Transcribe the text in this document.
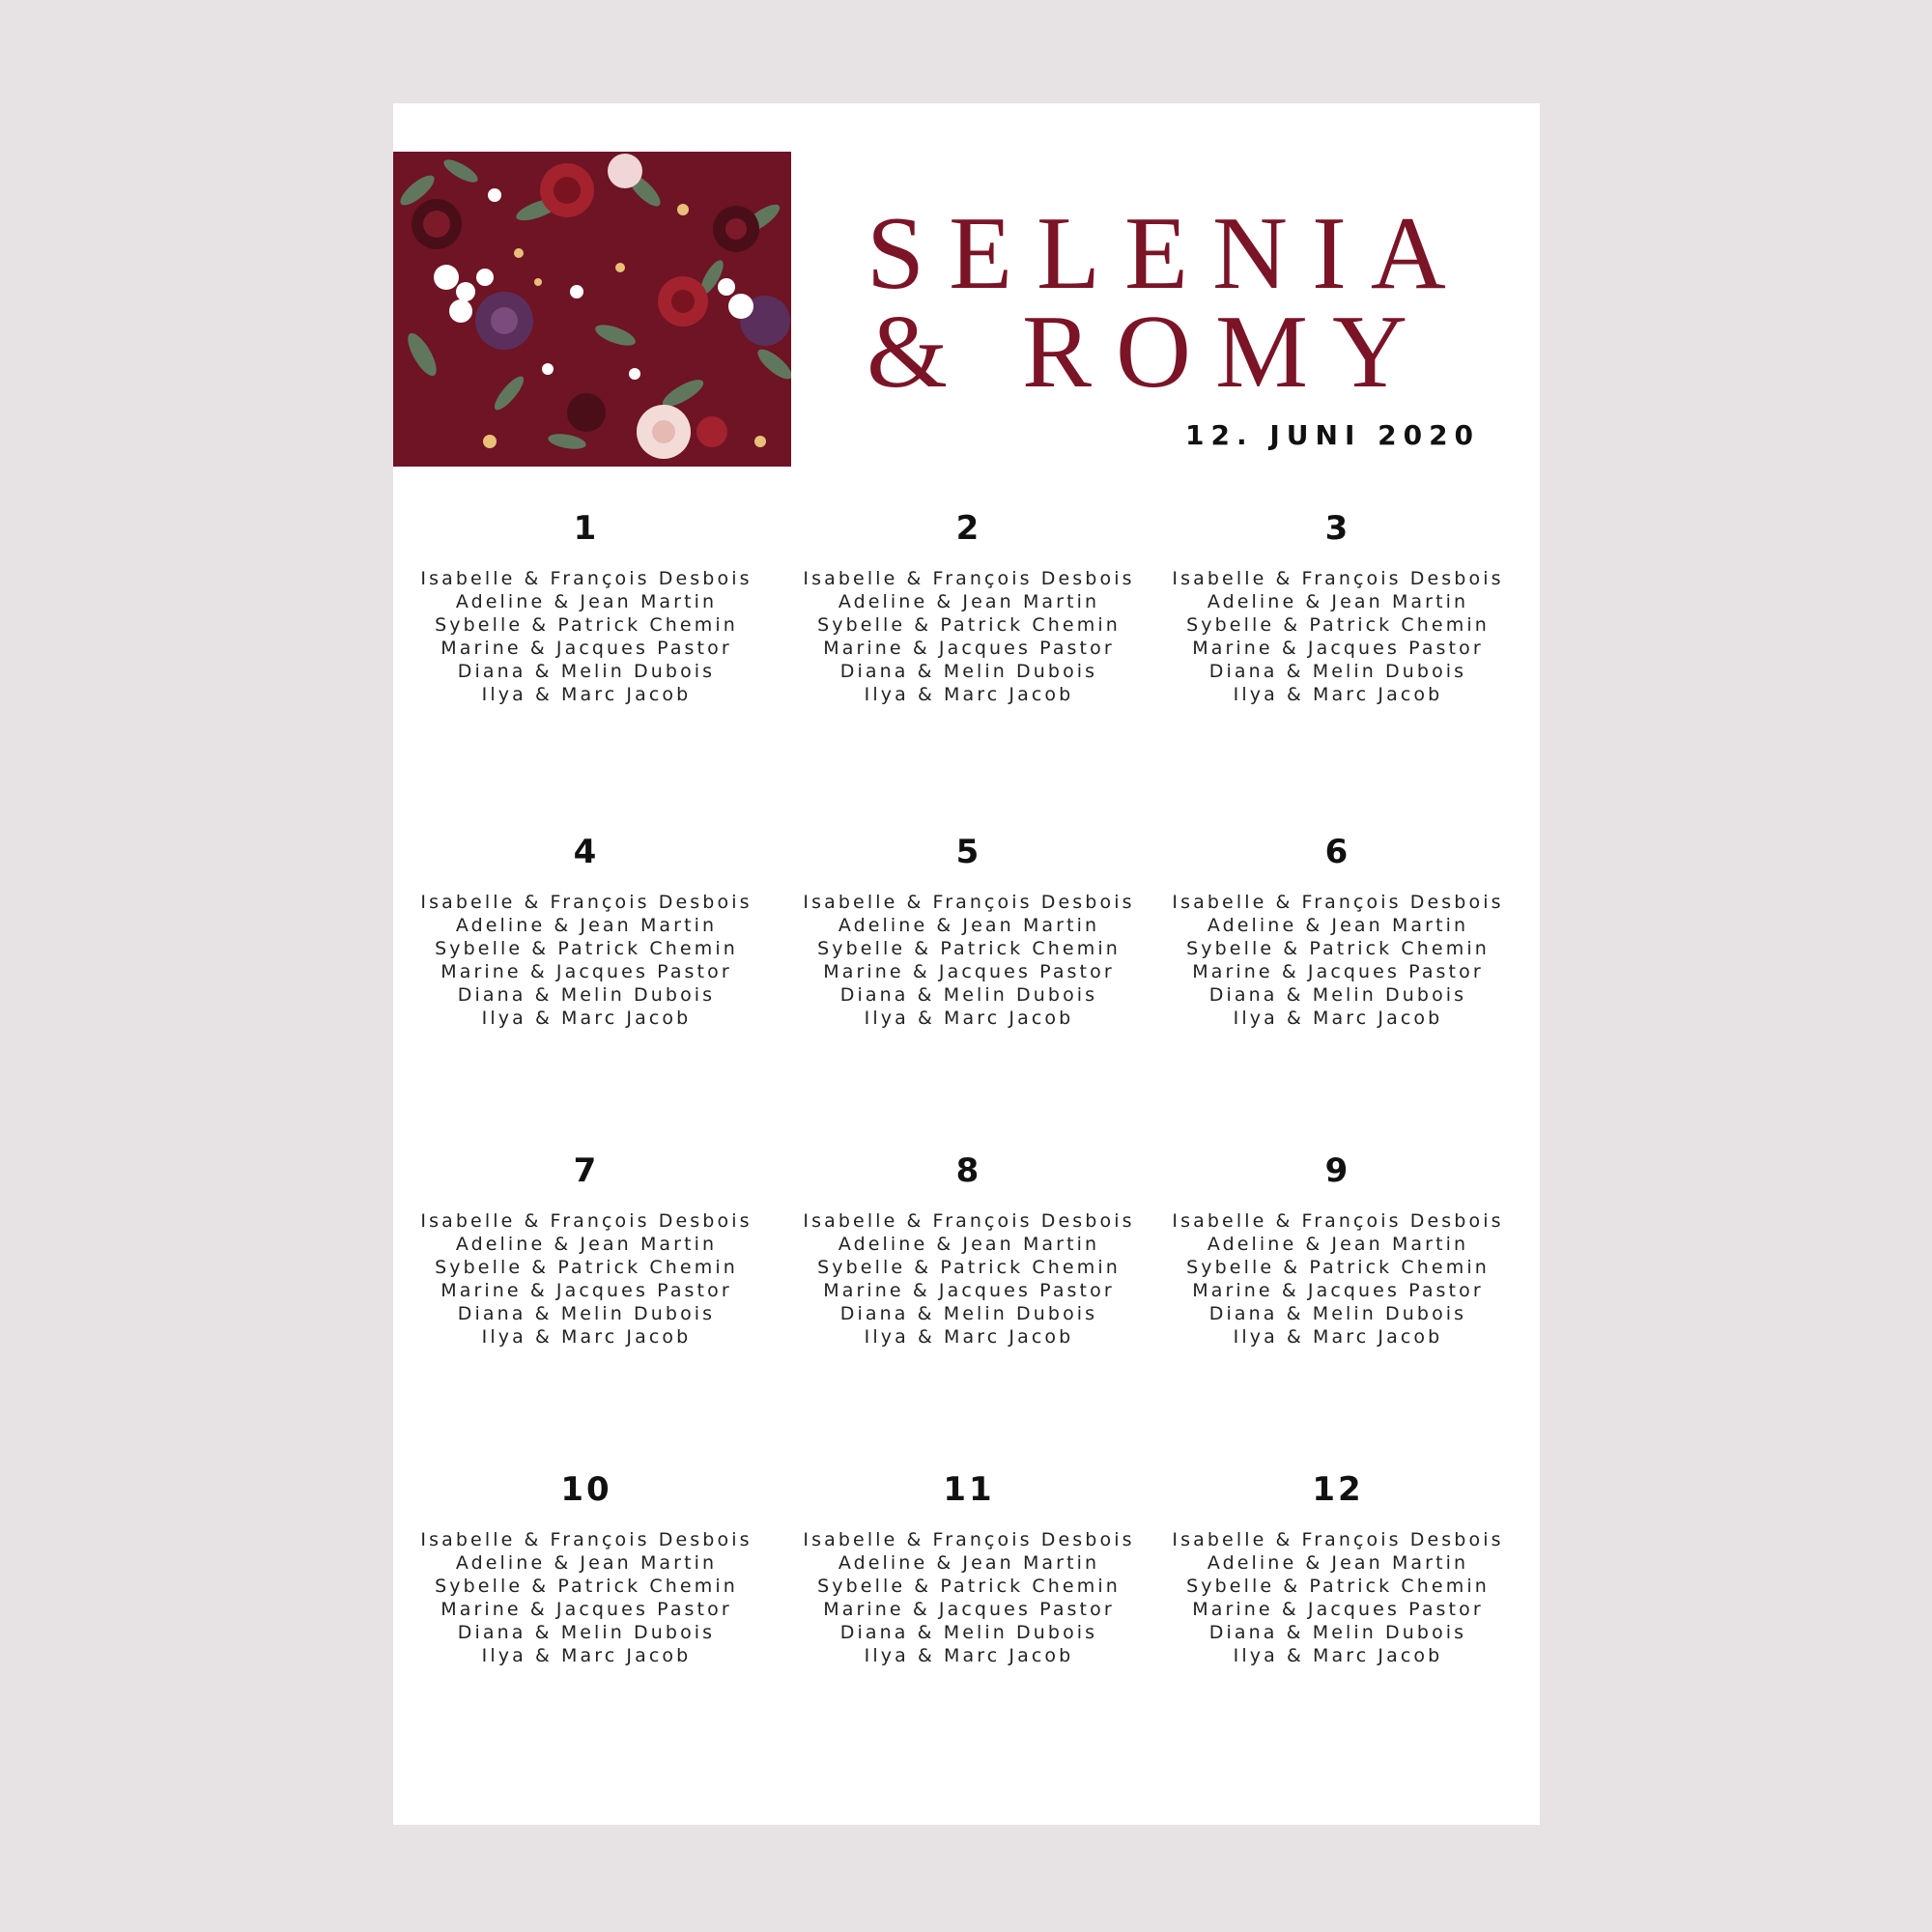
SELENIA
& ROMY
12. JUNI 2020
1
Isabelle & François Desbois
Adeline & Jean Martin
Sybelle & Patrick Chemin
Marine & Jacques Pastor
Diana & Melin Dubois
Ilya & Marc Jacob
2
Isabelle & François Desbois
Adeline & Jean Martin
Sybelle & Patrick Chemin
Marine & Jacques Pastor
Diana & Melin Dubois
Ilya & Marc Jacob
3
Isabelle & François Desbois
Adeline & Jean Martin
Sybelle & Patrick Chemin
Marine & Jacques Pastor
Diana & Melin Dubois
Ilya & Marc Jacob
4
Isabelle & François Desbois
Adeline & Jean Martin
Sybelle & Patrick Chemin
Marine & Jacques Pastor
Diana & Melin Dubois
Ilya & Marc Jacob
5
Isabelle & François Desbois
Adeline & Jean Martin
Sybelle & Patrick Chemin
Marine & Jacques Pastor
Diana & Melin Dubois
Ilya & Marc Jacob
6
Isabelle & François Desbois
Adeline & Jean Martin
Sybelle & Patrick Chemin
Marine & Jacques Pastor
Diana & Melin Dubois
Ilya & Marc Jacob
7
Isabelle & François Desbois
Adeline & Jean Martin
Sybelle & Patrick Chemin
Marine & Jacques Pastor
Diana & Melin Dubois
Ilya & Marc Jacob
8
Isabelle & François Desbois
Adeline & Jean Martin
Sybelle & Patrick Chemin
Marine & Jacques Pastor
Diana & Melin Dubois
Ilya & Marc Jacob
9
Isabelle & François Desbois
Adeline & Jean Martin
Sybelle & Patrick Chemin
Marine & Jacques Pastor
Diana & Melin Dubois
Ilya & Marc Jacob
10
Isabelle & François Desbois
Adeline & Jean Martin
Sybelle & Patrick Chemin
Marine & Jacques Pastor
Diana & Melin Dubois
Ilya & Marc Jacob
11
Isabelle & François Desbois
Adeline & Jean Martin
Sybelle & Patrick Chemin
Marine & Jacques Pastor
Diana & Melin Dubois
Ilya & Marc Jacob
12
Isabelle & François Desbois
Adeline & Jean Martin
Sybelle & Patrick Chemin
Marine & Jacques Pastor
Diana & Melin Dubois
Ilya & Marc Jacob
